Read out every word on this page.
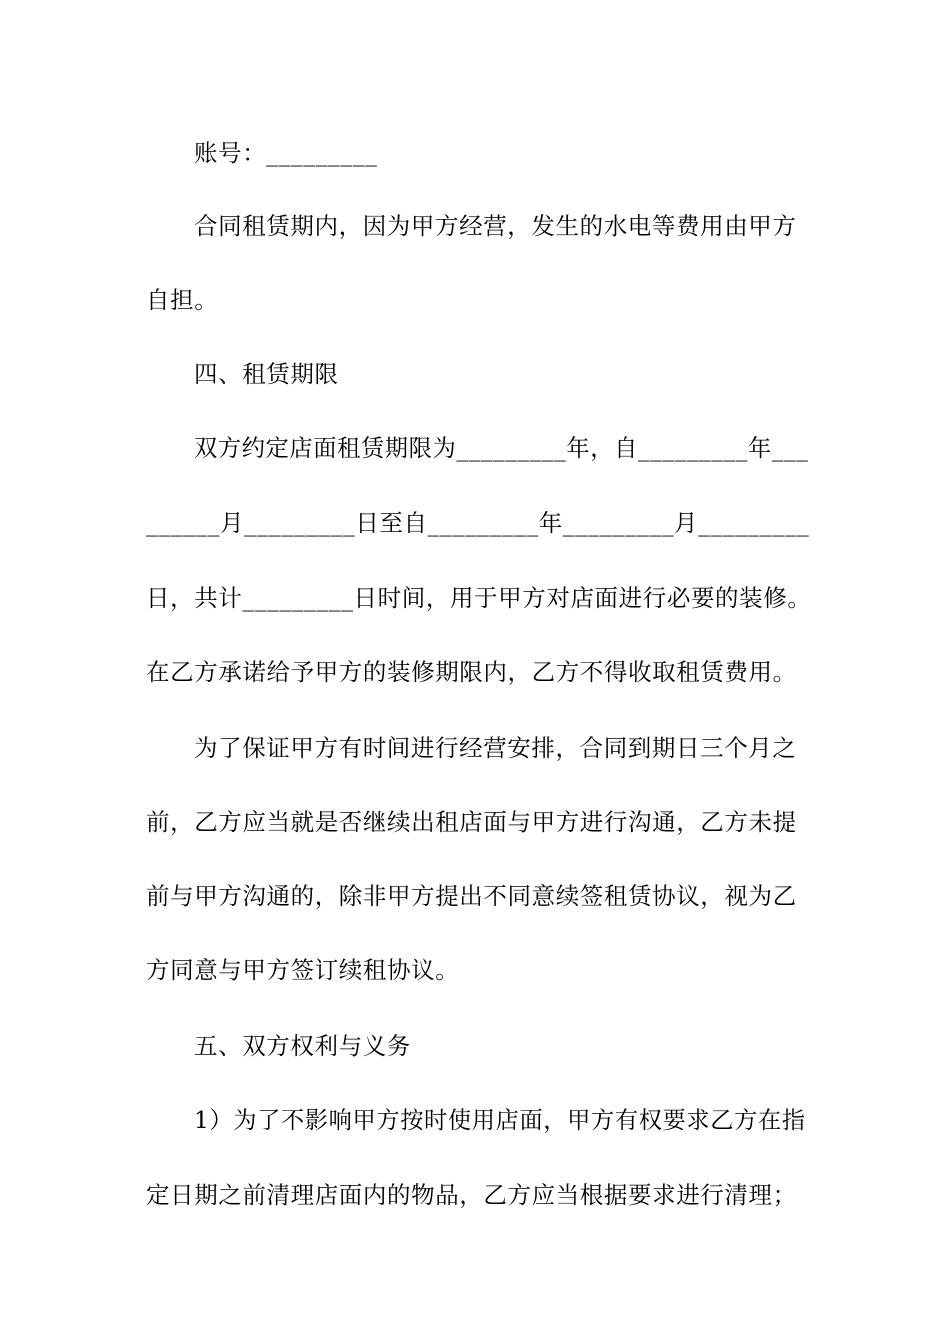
账号：_________
合同租赁期内，因为甲方经营，发生的水电等费用由甲方
自担。
四、租赁期限
双方约定店面租赁期限为_________年，自_________年___
______月_________日至自_________年_________月_________
日，共计_________日时间，用于甲方对店面进行必要的装修。
在乙方承诺给予甲方的装修期限内，乙方不得收取租赁费用。
为了保证甲方有时间进行经营安排，合同到期日三个月之
前，乙方应当就是否继续出租店面与甲方进行沟通，乙方未提
前与甲方沟通的，除非甲方提出不同意续签租赁协议，视为乙
方同意与甲方签订续租协议。
五、双方权利与义务
1）为了不影响甲方按时使用店面，甲方有权要求乙方在指
定日期之前清理店面内的物品，乙方应当根据要求进行清理；
